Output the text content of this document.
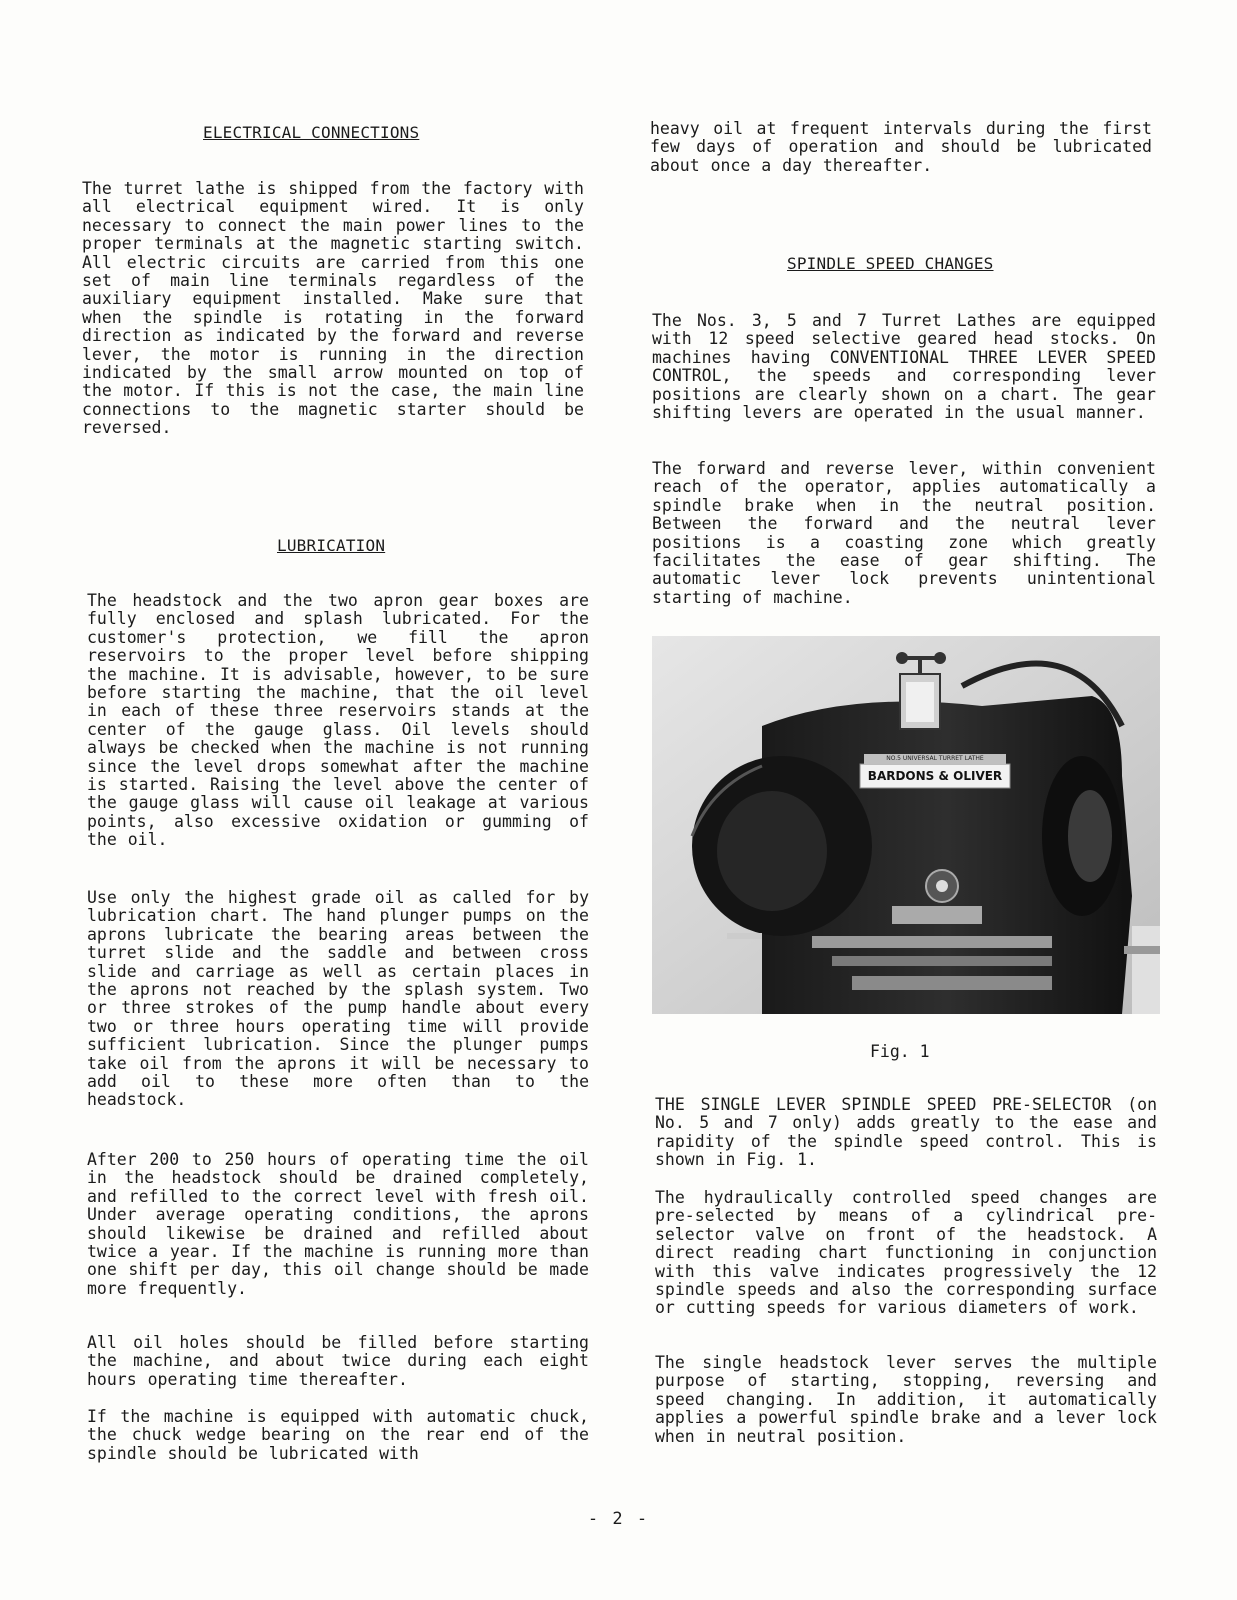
ELECTRICAL CONNECTIONS

The turret lathe is shipped from the factory with all electrical equipment wired. It is only necessary to connect the main power lines to the proper terminals at the magnetic starting switch. All electric circuits are carried from this one set of main line terminals regardless of the auxiliary equipment installed. Make sure that when the spindle is rotating in the forward direction as indicated by the forward and reverse lever, the motor is running in the direction indicated by the small arrow mounted on top of the motor. If this is not the case, the main line connections to the magnetic starter should be reversed.

LUBRICATION

The headstock and the two apron gear boxes are fully enclosed and splash lubricated. For the customer's protection, we fill the apron reservoirs to the proper level before shipping the machine. It is advisable, however, to be sure before starting the machine, that the oil level in each of these three reservoirs stands at the center of the gauge glass. Oil levels should always be checked when the machine is not running since the level drops somewhat after the machine is started. Raising the level above the center of the gauge glass will cause oil leakage at various points, also excessive oxidation or gumming of the oil.

Use only the highest grade oil as called for by lubrication chart. The hand plunger pumps on the aprons lubricate the bearing areas between the turret slide and the saddle and between cross slide and carriage as well as certain places in the aprons not reached by the splash system. Two or three strokes of the pump handle about every two or three hours operating time will provide sufficient lubrication. Since the plunger pumps take oil from the aprons it will be necessary to add oil to these more often than to the headstock.

After 200 to 250 hours of operating time the oil in the headstock should be drained completely, and refilled to the correct level with fresh oil. Under average operating conditions, the aprons should likewise be drained and refilled about twice a year. If the machine is running more than one shift per day, this oil change should be made more frequently.

All oil holes should be filled before starting the machine, and about twice during each eight hours operating time thereafter.

If the machine is equipped with automatic chuck, the chuck wedge bearing on the rear end of the spindle should be lubricated with

heavy oil at frequent intervals during the first few days of operation and should be lubricated about once a day thereafter.

SPINDLE SPEED CHANGES

The Nos. 3, 5 and 7 Turret Lathes are equipped with 12 speed selective geared head stocks. On machines having CONVENTIONAL THREE LEVER SPEED CONTROL, the speeds and corresponding lever positions are clearly shown on a chart. The gear shifting levers are operated in the usual manner.

The forward and reverse lever, within convenient reach of the operator, applies automatically a spindle brake when in the neutral position. Between the forward and the neutral lever positions is a coasting zone which greatly facilitates the ease of gear shifting. The automatic lever lock prevents unintentional starting of machine.

NO.5 UNIVERSAL TURRET LATHE
BARDONS & OLIVER
Fig. 1

THE SINGLE LEVER SPINDLE SPEED PRE-SELECTOR (on No. 5 and 7 only) adds greatly to the ease and rapidity of the spindle speed control. This is shown in Fig. 1.

The hydraulically controlled speed changes are pre-selected by means of a cylindrical pre-selector valve on front of the headstock. A direct reading chart functioning in conjunction with this valve indicates progressively the 12 spindle speeds and also the corresponding surface or cutting speeds for various diameters of work.

The single headstock lever serves the multiple purpose of starting, stopping, reversing and speed changing. In addition, it automatically applies a powerful spindle brake and a lever lock when in neutral position.

- 2 -
